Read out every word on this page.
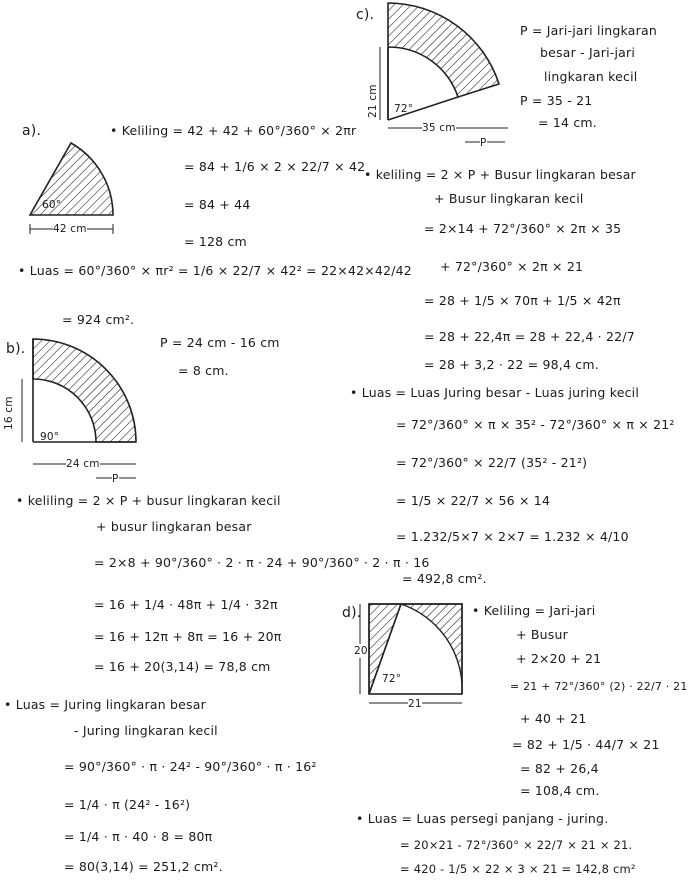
a).
60°
42 cm
• Keliling = 42 + 42 + 60°/360° × 2πr
= 84 + 1/6 × 2 × 22/7 × 42
= 84 + 44
= 128 cm
• Luas = 60°/360° × πr² = 1/6 × 22/7 × 42² = 22×42×42/42
= 924 cm².
b).	P = 24 cm - 16 cm
= 8 cm.
90°
16 cm
24 cm
P
• keliling = 2 × P + busur lingkaran kecil
+ busur lingkaran besar
= 2×8 + 90°/360° · 2 · π · 24 + 90°/360° · 2 · π · 16
= 16 + 1/4 · 48π + 1/4 · 32π
= 16 + 12π + 8π = 16 + 20π
= 16 + 20(3,14) = 78,8 cm
• Luas = Juring lingkaran besar
- Juring lingkaran kecil
= 90°/360° · π · 24² - 90°/360° · π · 16²
= 1/4 · π (24² - 16²)
= 1/4 · π · 40 · 8 = 80π
= 80(3,14) = 251,2 cm².
c).
P = Jari-jari lingkaran
besar - Jari-jari
lingkaran kecil
P = 35 - 21
= 14 cm.
72°
21 cm
35 cm
P
• keliling = 2 × P + Busur lingkaran besar
+ Busur lingkaran kecil
= 2×14 + 72°/360° × 2π × 35
+ 72°/360° × 2π × 21
= 28 + 1/5 × 70π + 1/5 × 42π
= 28 + 22,4π = 28 + 22,4 · 22/7
= 28 + 3,2 · 22 = 98,4 cm.
• Luas = Luas Juring besar - Luas juring kecil
= 72°/360° × π × 35² - 72°/360° × π × 21²
= 72°/360° × 22/7 (35² - 21²)
= 1/5 × 22/7 × 56 × 14
= 1.232/5×7 × 2×7 = 1.232 × 4/10
= 492,8 cm².
d).
72°
20
21
• Keliling = Jari-jari
+ Busur
+ 2×20 + 21
= 21 + 72°/360° (2) · 22/7 · 21
+ 40 + 21
= 82 + 1/5 · 44/7 × 21
= 82 + 26,4
= 108,4 cm.
• Luas = Luas persegi panjang - juring.
= 20×21 - 72°/360° × 22/7 × 21 × 21.
= 420 - 1/5 × 22 × 3 × 21 = 142,8 cm²
